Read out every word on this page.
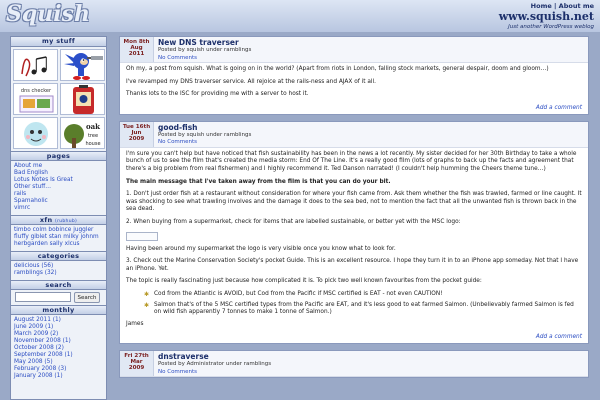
Squish	Home | About me
www.squish.net
Just another WordPress weblog
my stuff
dns checker
oak
tree
house
pages
About me
Bad English
Lotus Notes Is Great
Other stuff…
rails
Spamaholic
vimrc
xfn (rubhub)
timbo colm bobince juggler fluffy giblet stan milky johnm herbgarden sally xlcus
categories
delicious (56)
ramblings (32)
search
Search
monthly
August 2011 (1)
June 2009 (1)
March 2009 (2)
November 2008 (1)
October 2008 (2)
September 2008 (1)
May 2008 (5)
February 2008 (3)
January 2008 (1)
Mon 8th
Aug
2011
New DNS traverser
Posted by squish under ramblings
No Comments

Oh my, a post from squish. What is going on in the world? (Apart from riots in London, falling stock markets, general despair, doom and gloom…)

I've revamped my DNS traverser service. All rejoice at the rails-ness and AJAX of it all.

Thanks lots to the ISC for providing me with a server to host it.

Add a comment
Tue 16th
Jun
2009
good-fish
Posted by squish under ramblings
No Comments

I'm sure you can't help but have noticed that fish sustainability has been in the news a lot recently. My sister decided for her 30th Birthday to take a whole bunch of us to see the film that's created the media storm: End Of The Line. It's a really good film (lots of graphs to back up the facts and agreement that there's a big problem from real fishermen) and I highly recommend it. Ted Danson narrated! (I couldn't help humming the Cheers theme tune…)

The main message that I've taken away from the film is that you can do your bit.

1. Don't just order fish at a restaurant without consideration for where your fish came from. Ask them whether the fish was trawled, farmed or line caught. It was shocking to see what trawling involves and the damage it does to the sea bed, not to mention the fact that all the unwanted fish is thrown back in the sea dead.

2. When buying from a supermarket, check for items that are labelled sustainable, or better yet with the MSC logo:

Having been around my supermarket the logo is very visible once you know what to look for.

3. Check out the Marine Conservation Society's pocket Guide. This is an excellent resource. I hope they turn it in to an iPhone app someday. Not that I have an iPhone. Yet.

The topic is really fascinating just because how complicated it is. To pick two well known favourites from the pocket guide:

✱ Cod from the Atlantic is AVOID, but Cod from the Pacific if MSC certified is EAT - not even CAUTION!
✱ Salmon that's of the 5 MSC certified types from the Pacific are EAT, and it's less good to eat farmed Salmon. (Unbelievably farmed Salmon is fed on wild fish apparently 7 tonnes to make 1 tonne of Salmon.)

James

Add a comment
Fri 27th
Mar
2009
dnstraverse
Posted by Administrator under ramblings
No Comments
